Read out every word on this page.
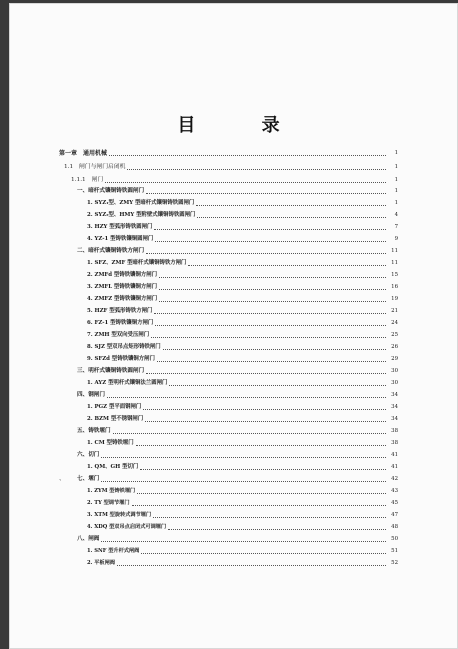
目 录
第一章　通用机械	1
1.1　闸门与闸门启闭机	1
1.1.1　闸门	1
一、暗杆式镶铜铸铁圆闸门	1
1. SYZ₁型、ZMY 型暗杆式镶铜铸铁圆闸门	1
2. SYZ₂型、HMY 型附壁式镶铜铸铁圆闸门	4
3. HZY 型弧形铸铁圆闸门	7
4. YZ-1 型铸铁镶铜圆闸门	9
二、暗杆式镶铜铸铁方闸门	11
1. SFZ、ZMF 型暗杆式镶铜铸铁方闸门	11
2. ZMFd 型铸铁镶铜方闸门	15
3. ZMFL 型铸铁镶铜方闸门	16
4. ZMFZ 型铸铁镶铜方闸门	19
5. HZF 型弧形铸铁方闸门	21
6. FZ-1 型铸铁镶铜方闸门	24
7. ZMH 型双向受压闸门	25
8. SJZ 型双吊点矩形铸铁闸门	26
9. SFZd 型铸铁镶铜方闸门	29
三、明杆式镶铜铸铁圆闸门	30
1. AYZ 型明杆式镶铜法兰圆闸门	30
四、钢闸门	34
1. PGZ 型平面钢闸门	34
2. BZM 型不锈钢闸门	34
五、铸铁堰门	38
1. CM 型铸铁堰门	38
六、切门	41
1. QM、GH 型切门	41
、 七、堰门	42
1. ZYM 型铸铁堰门	43
2. TY 型调节堰门	45
3. XTM 型旋转式调节堰门	47
4. XDQ 型双吊点启闭式可调堰门	48
八、闸阀	50
1. SNF 型升杆式闸阀	51
2. 平板闸阀	52
